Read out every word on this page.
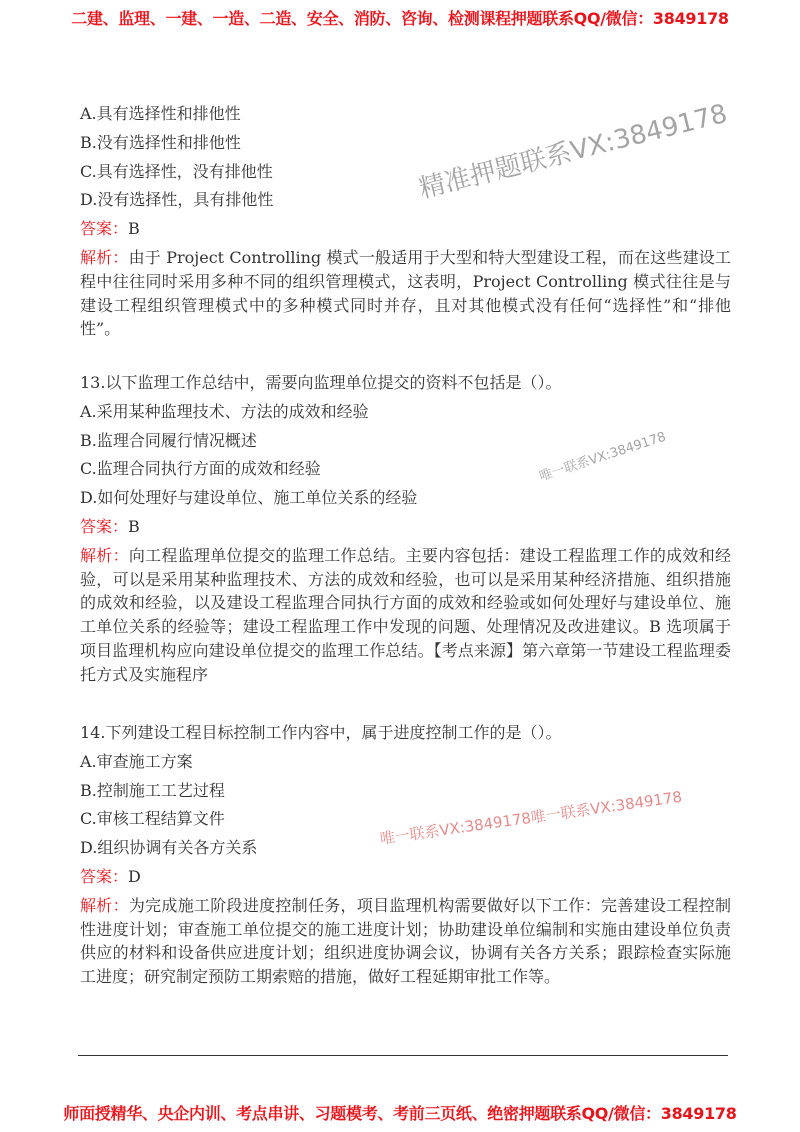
二建、监理、一建、一造、二造、安全、消防、咨询、检测课程押题联系QQ/微信：3849178
A.具有选择性和排他性
B.没有选择性和排他性
C.具有选择性，没有排他性
D.没有选择性，具有排他性
答案：B
解析：由于 Project Controlling 模式一般适用于大型和特大型建设工程，而在这些建设工程中往往同时采用多种不同的组织管理模式，这表明，Project Controlling 模式往往是与建设工程组织管理模式中的多种模式同时并存，且对其他模式没有任何“选择性”和“排他性”。
13.以下监理工作总结中，需要向监理单位提交的资料不包括是（）。
A.采用某种监理技术、方法的成效和经验
B.监理合同履行情况概述
C.监理合同执行方面的成效和经验
D.如何处理好与建设单位、施工单位关系的经验
答案：B
解析：向工程监理单位提交的监理工作总结。主要内容包括：建设工程监理工作的成效和经验，可以是采用某种监理技术、方法的成效和经验，也可以是采用某种经济措施、组织措施的成效和经验，以及建设工程监理合同执行方面的成效和经验或如何处理好与建设单位、施工单位关系的经验等；建设工程监理工作中发现的问题、处理情况及改进建议。B 选项属于项目监理机构应向建设单位提交的监理工作总结。【考点来源】第六章第一节建设工程监理委托方式及实施程序
14.下列建设工程目标控制工作内容中，属于进度控制工作的是（）。
A.审查施工方案
B.控制施工工艺过程
C.审核工程结算文件
D.组织协调有关各方关系
答案：D
解析：为完成施工阶段进度控制任务，项目监理机构需要做好以下工作：完善建设工程控制性进度计划；审查施工单位提交的施工进度计划；协助建设单位编制和实施由建设单位负责供应的材料和设备供应进度计划；组织进度协调会议，协调有关各方关系；跟踪检查实际施工进度；研究制定预防工期索赔的措施，做好工程延期审批工作等。
精准押题联系VX:3849178
唯一联系VX:3849178
唯一联系VX:3849178唯一联系VX:3849178
师面授精华、央企内训、考点串讲、习题模考、考前三页纸、绝密押题联系QQ/微信：3849178
